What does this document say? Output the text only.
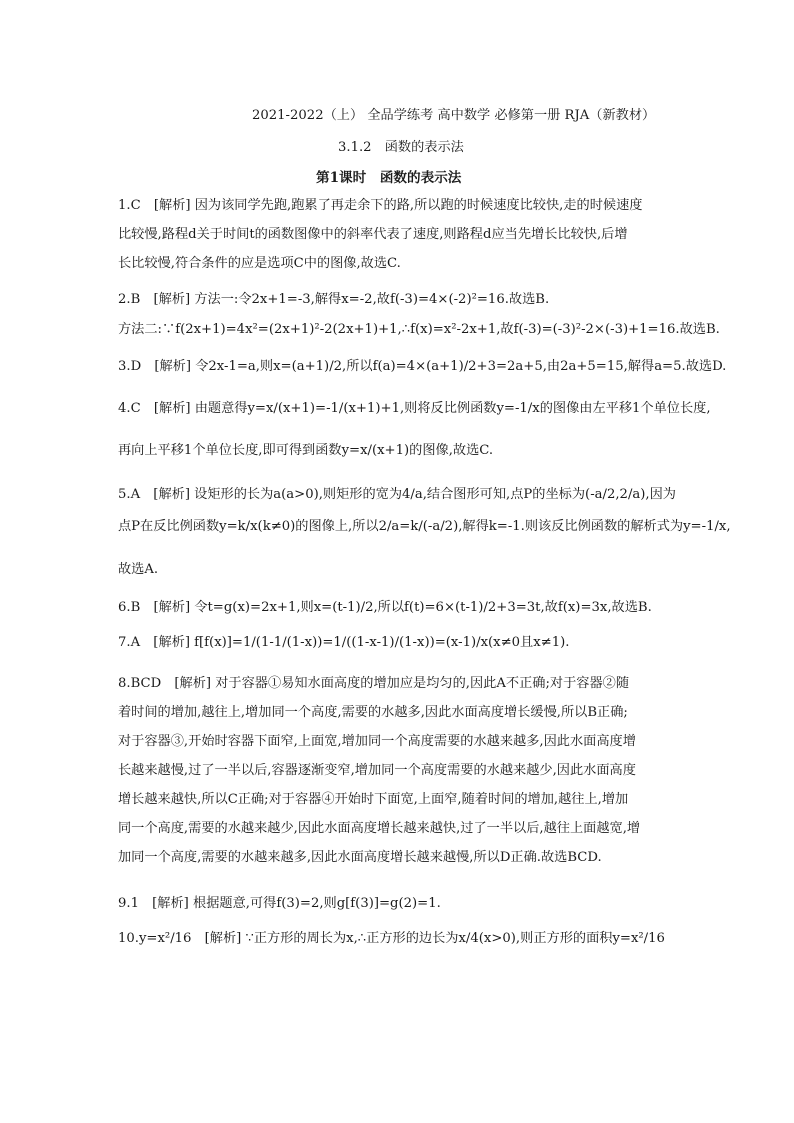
2021-2022（上） 全品学练考 高中数学 必修第一册 RJA（新教材）
3.1.2　函数的表示法
第1课时　函数的表示法
1.C　[解析] 因为该同学先跑,跑累了再走余下的路,所以跑的时候速度比较快,走的时候速度
比较慢,路程d关于时间t的函数图像中的斜率代表了速度,则路程d应当先增长比较快,后增
长比较慢,符合条件的应是选项C中的图像,故选C.
2.B　[解析] 方法一:令2x+1=-3,解得x=-2,故f(-3)=4×(-2)²=16.故选B.
方法二:∵f(2x+1)=4x²=(2x+1)²-2(2x+1)+1,∴f(x)=x²-2x+1,故f(-3)=(-3)²-2×(-3)+1=16.故选B.
3.D　[解析] 令2x-1=a,则x=(a+1)/2,所以f(a)=4×(a+1)/2+3=2a+5,由2a+5=15,解得a=5.故选D.
4.C　[解析] 由题意得y=x/(x+1)=-1/(x+1)+1,则将反比例函数y=-1/x的图像由左平移1个单位长度,
再向上平移1个单位长度,即可得到函数y=x/(x+1)的图像,故选C.
5.A　[解析] 设矩形的长为a(a>0),则矩形的宽为4/a,结合图形可知,点P的坐标为(-a/2,2/a),因为
点P在反比例函数y=k/x(k≠0)的图像上,所以2/a=k/(-a/2),解得k=-1.则该反比例函数的解析式为y=-1/x,
故选A.
6.B　[解析] 令t=g(x)=2x+1,则x=(t-1)/2,所以f(t)=6×(t-1)/2+3=3t,故f(x)=3x,故选B.
7.A　[解析] f[f(x)]=1/(1-1/(1-x))=1/((1-x-1)/(1-x))=(x-1)/x(x≠0且x≠1).
8.BCD　[解析] 对于容器①易知水面高度的增加应是均匀的,因此A不正确;对于容器②随
着时间的增加,越往上,增加同一个高度,需要的水越多,因此水面高度增长缓慢,所以B正确;
对于容器③,开始时容器下面窄,上面宽,增加同一个高度需要的水越来越多,因此水面高度增
长越来越慢,过了一半以后,容器逐渐变窄,增加同一个高度需要的水越来越少,因此水面高度
增长越来越快,所以C正确;对于容器④开始时下面宽,上面窄,随着时间的增加,越往上,增加
同一个高度,需要的水越来越少,因此水面高度增长越来越快,过了一半以后,越往上面越宽,增
加同一个高度,需要的水越来越多,因此水面高度增长越来越慢,所以D正确.故选BCD.
9.1　[解析] 根据题意,可得f(3)=2,则g[f(3)]=g(2)=1.
10.y=x²/16　[解析] ∵正方形的周长为x,∴正方形的边长为x/4(x>0),则正方形的面积y=x²/16
